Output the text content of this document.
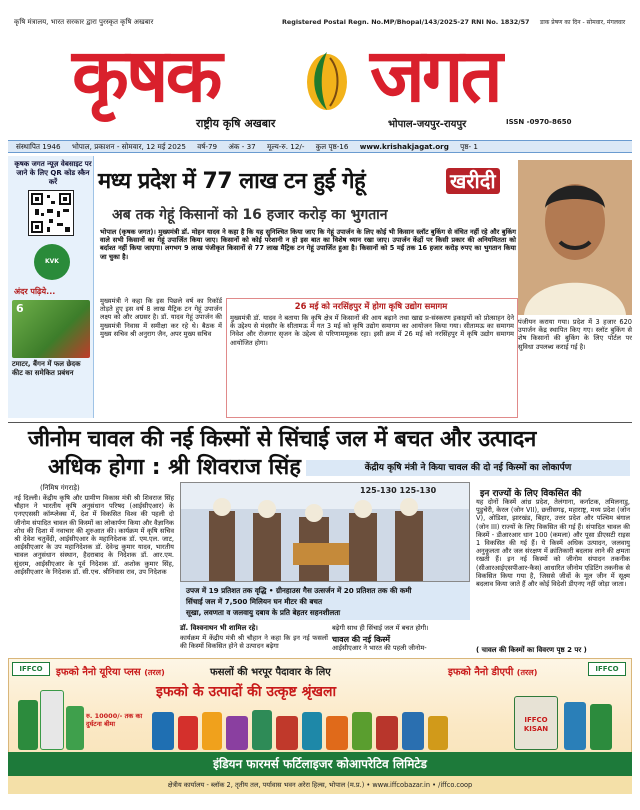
कृषि मंत्रालय, भारत सरकार द्वारा पुरस्कृत कृषि अखबार	Registered Postal Regn. No.MP/Bhopal/143/2025-27 RNI No. 1832/57 डाक प्रेषण का दिन - सोमवार, मंगलवार
कृषक जगत
राष्ट्रीय कृषि अखबार	भोपाल-जयपुर-रायपुर	ISSN -0970-8650
संस्थापित 1946 भोपाल, प्रकाशन - सोमवार, 12 मई 2025 वर्ष-79 अंक - 37 मूल्य-रु. 12/- कुल पृष्ठ-16 www.krishakjagat.org पृष्ठ- 1
कृषक जगत न्यूज़ वेबसाइट पर जाने के लिए QR कोड स्कैन करें
KVK
अंदर पढ़िये...
6
टमाटर, बैंगन में फल छेदक कीट का समेकित प्रबंधन
मध्य प्रदेश में 77 लाख टन हुई गेहूं	खरीदी
अब तक गेहूं किसानों को 16 हजार करोड़ का भुगतान
भोपाल (कृषक जगत)। मुख्यमंत्री डॉ. मोहन यादव ने कहा है कि यह सुनिश्चित किया जाए कि गेहूं उपार्जन के लिए कोई भी किसान स्लॉट बुकिंग से वंचित नहीं रहे और बुकिंग वाले सभी किसानों का गेहूं उपार्जित किया जाए। किसानों को कोई परेशानी न हो इस बात का विशेष ध्यान रखा जाए। उपार्जन केंद्रों पर किसी प्रकार की अनियमितता को बर्दाश्त नहीं किया जाएगा। लगभग 9 लाख पंजीकृत किसानों से 77 लाख मैट्रिक टन गेहूं उपार्जित हुआ है। किसानों को 5 मई तक 16 हजार करोड़ रुपए का भुगतान किया जा चुका है।
मुख्यमंत्री ने कहा कि इस पिछले वर्ष का रिकॉर्ड तोड़ते हुए इस वर्ष 8 लाख मैट्रिक टन गेहूं उपार्जन लक्ष्य को और अग्रसर है। डॉ. यादव गेहूं उपार्जन की मुख्यमंत्री निवास में समीक्षा कर रहे थे। बैठक में मुख्य सचिव श्री अनुराग जैन, अपर मुख्य सचिव
26 मई को नरसिंहपुर में होगा कृषि उद्योग समागम
मुख्यमंत्री डॉ. यादव ने बताया कि कृषि क्षेत्र में किसानों की आय बढ़ाने तथा खाद्य प्र-संस्करण इकाइयों को प्रोत्साहन देने के उद्देश्य से मंदसौर के सीतामऊ में गत 3 मई को कृषि उद्योग समागम का आयोजन किया गया। सीतामऊ का समागम निवेश और रोजगार सृजन के उद्देश्य से परिणाममूलक रहा। इसी क्रम में 26 मई को नरसिंहपुर में कृषि उद्योग समागम आयोजित होगा।
पंजीयन कराया गया। प्रदेश में 3 हजार 620 उपार्जन केंद्र स्थापित किए गए। स्लॉट बुकिंग से शेष किसानों की बुकिंग के लिए पोर्टल पर सुविधा उपलब्ध कराई गई है।
जीनोम चावल की नई किस्मों से सिंचाई जल में बचत और उत्पादन
अधिक होगा : श्री शिवराज सिंह	केंद्रीय कृषि मंत्री ने किया चावल की दो नई किस्मों का लोकार्पण
(निमिष गंगराड़े)
नई दिल्ली। केंद्रीय कृषि और ग्रामीण विकास मंत्री श्री शिवराज सिंह चौहान ने भारतीय कृषि अनुसंधान परिषद (आईसीएआर) के एनएएससी कॉम्प्लेक्स में, देश में विकसित विश्व की पहली दो जीनोम संपादित चावल की किस्मों का लोकार्पण किया और वैज्ञानिक शोध की दिशा में नवाचार की शुरुआत की। कार्यक्रम में कृषि सचिव श्री देवेश चतुर्वेदी, आईसीएआर के महानिदेशक डॉ. एम.एल. जाट, आईसीएआर के उप महानिदेशक डॉ. देवेन्द्र कुमार यादव, भारतीय चावल अनुसंधान संस्थान, हैदराबाद के निदेशक डॉ. आर.एम. सुंदरम, आईसीएआर के पूर्व निदेशक डॉ. अशोक कुमार सिंह, आईसीएआर के निदेशक डॉ. सी.एच. श्रीनिवास राव, उप निदेशक
125-130 125-130
उपज में 19 प्रतिशत तक वृद्धि • ग्रीनहाउस गैस उत्सर्जन में 20 प्रतिशत तक की कमी
सिंचाई जल में 7,500 मिलियन घन मीटर की बचत
सूखा, लवणता व जलवायु दबाव के प्रति बेहतर सहनशीलता
इन राज्यों के लिए विकसित की
यह दोनों किस्में आंध्र प्रदेश, तेलंगाना, कर्नाटक, तमिलनाडु, पुडुचेरी, केरल (जोन VII), छत्तीसगढ़, महाराष्ट्र, मध्य प्रदेश (जोन V), ओडिशा, झारखंड, बिहार, उत्तर प्रदेश और पश्चिम बंगाल (जोन III) राज्यों के लिए विकसित की गई हैं। संपादित चावल की किस्में - डीआरआर धान 100 (कमला) और पूसा डीएसटी राइस 1 विकसित की गई हैं। ये किस्में अधिक उत्पादन, जलवायु अनुकूलता और जल संरक्षण में क्रांतिकारी बदलाव लाने की क्षमता रखती हैं। इन नई किस्मों को जीनोम संपादन तकनीक (सीआरआईएसपीआर-कैस) आधारित जीनोम एडिटिंग तकनीक से विकसित किया गया है, जिससे जीवों के मूल जीन में सूक्ष्म बदलाव किया जाते हैं और कोई विदेशी डीएनए नहीं जोड़ा जाता।
डॉ. विश्वनाथन भी शामिल रहे।
कार्यक्रम में केंद्रीय मंत्री श्री चौहान ने कहा कि इन नई फसलों की किस्मों विकसित होने से उत्पादन बढ़ेगा
बढ़ेगी साथ ही सिंचाई जल में बचत होगी।
चावल की नई किस्में
आईसीएआर ने भारत की पहली जीनोम-	( चावल की किस्मों का विवरण पृष्ठ 2 पर )
IFFCO	इफको नैनो यूरिया प्लस (तरल)	फसलों की भरपूर पैदावार के लिए	इफको नैनो डीएपी (तरल)	IFFCO
इफको के उत्पादों की उत्कृष्ट श्रृंखला
रु. 10000/- तक का दुर्घटना बीमा	IFFCO KISAN
इंडियन फारमर्स फर्टिलाइजर कोआपरेटिव लिमिटेड
क्षेत्रीय कार्यालय - ब्लॉक 2, तृतीय तल, पर्यावास भवन अरेरा हिल्स, भोपाल (म.प्र.) • www.iffcobazar.in • /iffco.coop
